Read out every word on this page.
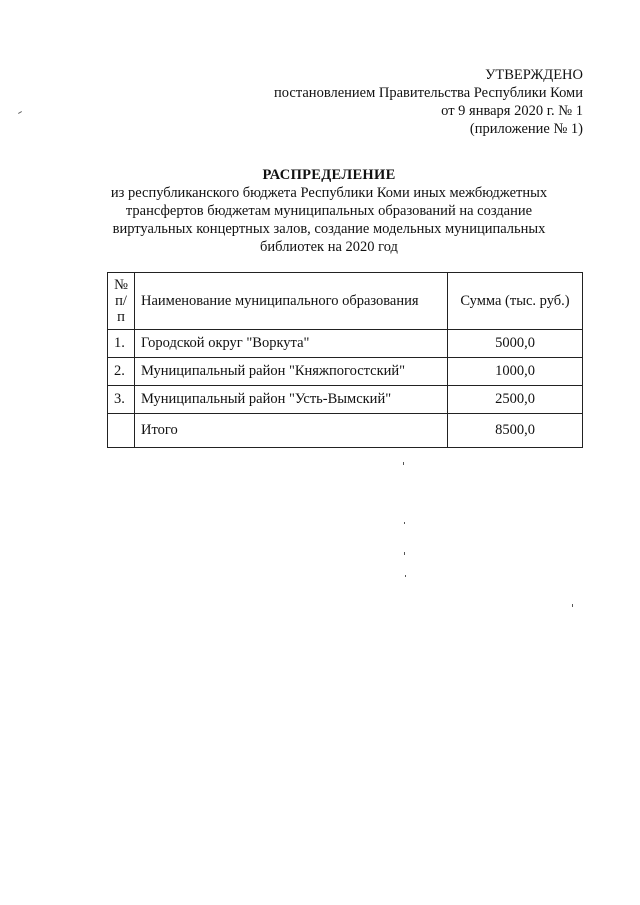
УТВЕРЖДЕНО
постановлением Правительства Республики Коми
от 9 января 2020 г. № 1
(приложение № 1)
РАСПРЕДЕЛЕНИЕ
из республиканского бюджета Республики Коми иных межбюджетных трансфертов бюджетам муниципальных образований на создание виртуальных концертных залов, создание модельных муниципальных библиотек на 2020 год
№ п/п	Наименование муниципального образования	Сумма (тыс. руб.)
1.	Городской округ "Воркута"	5000,0
2.	Муниципальный район "Княжпогостский"	1000,0
3.	Муниципальный район "Усть-Вымский"	2500,0
	Итого	8500,0
